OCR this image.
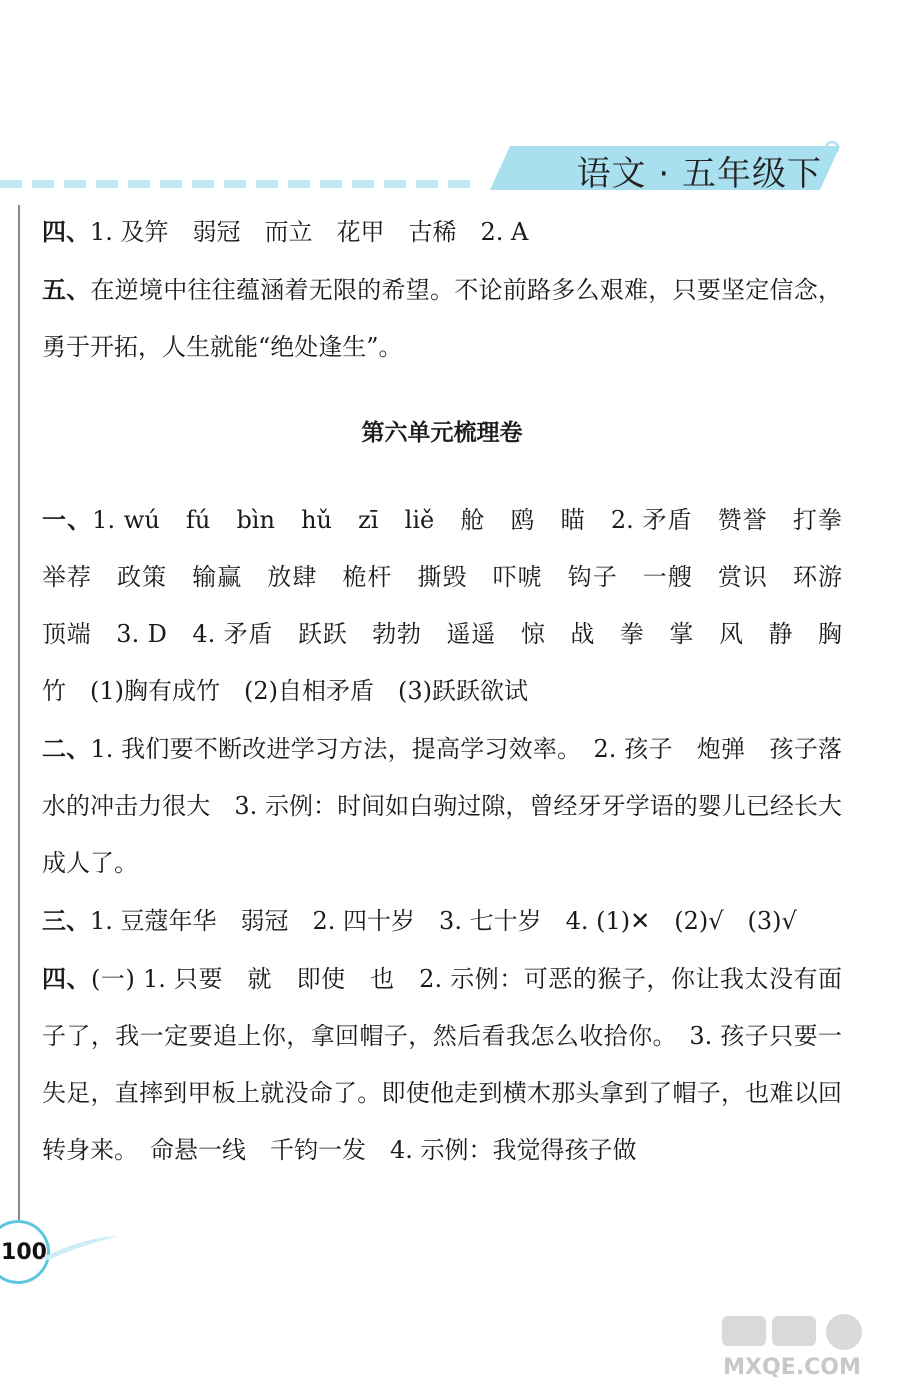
语文 · 五年级下

四、1. 及笄　弱冠　而立　花甲　古稀　2. A

五、在逆境中往往蕴涵着无限的希望。不论前路多么艰难，只要坚定信念，勇于开拓，人生就能“绝处逢生”。

第六单元梳理卷

一、1. wú　fú　bìn　hǔ　zī　liě　舱　鸥　瞄　2. 矛盾　赞誉　打拳　举荐　政策　输赢　放肆　桅杆　撕毁　吓唬　钩子　一艘　赏识　环游　顶端　3. D　4. 矛盾　跃跃　勃勃　遥遥　惊　战　拳　掌　风　静　胸　竹　(1)胸有成竹　(2)自相矛盾　(3)跃跃欲试

二、1. 我们要不断改进学习方法，提高学习效率。　2. 孩子　炮弹　孩子落水的冲击力很大　3. 示例：时间如白驹过隙，曾经牙牙学语的婴儿已经长大成人了。

三、1. 豆蔻年华　弱冠　2. 四十岁　3. 七十岁　4. (1)✕　(2)√　(3)√

四、(一) 1. 只要　就　即使　也　2. 示例：可恶的猴子，你让我太没有面子了，我一定要追上你，拿回帽子，然后看我怎么收拾你。　3. 孩子只要一失足，直摔到甲板上就没命了。即使他走到横木那头拿到了帽子，也难以回转身来。　命悬一线　千钧一发　4. 示例：我觉得孩子做

100
MXQE.COM
